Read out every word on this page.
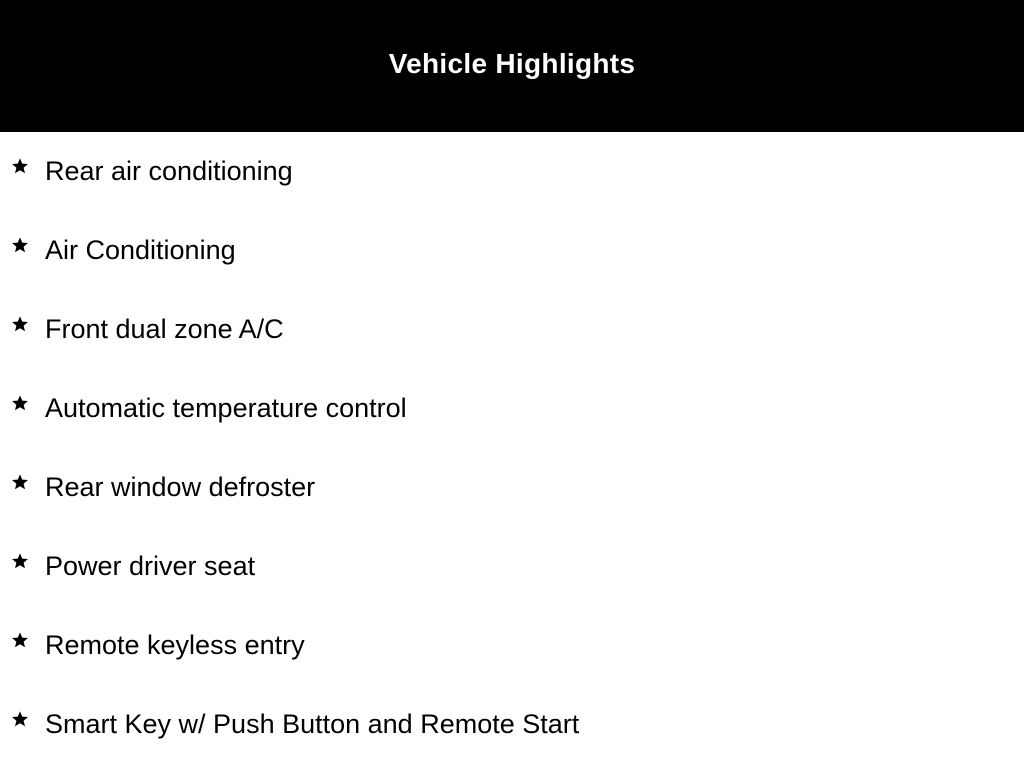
Vehicle Highlights
Rear air conditioning
Air Conditioning
Front dual zone A/C
Automatic temperature control
Rear window defroster
Power driver seat
Remote keyless entry
Smart Key w/ Push Button and Remote Start
